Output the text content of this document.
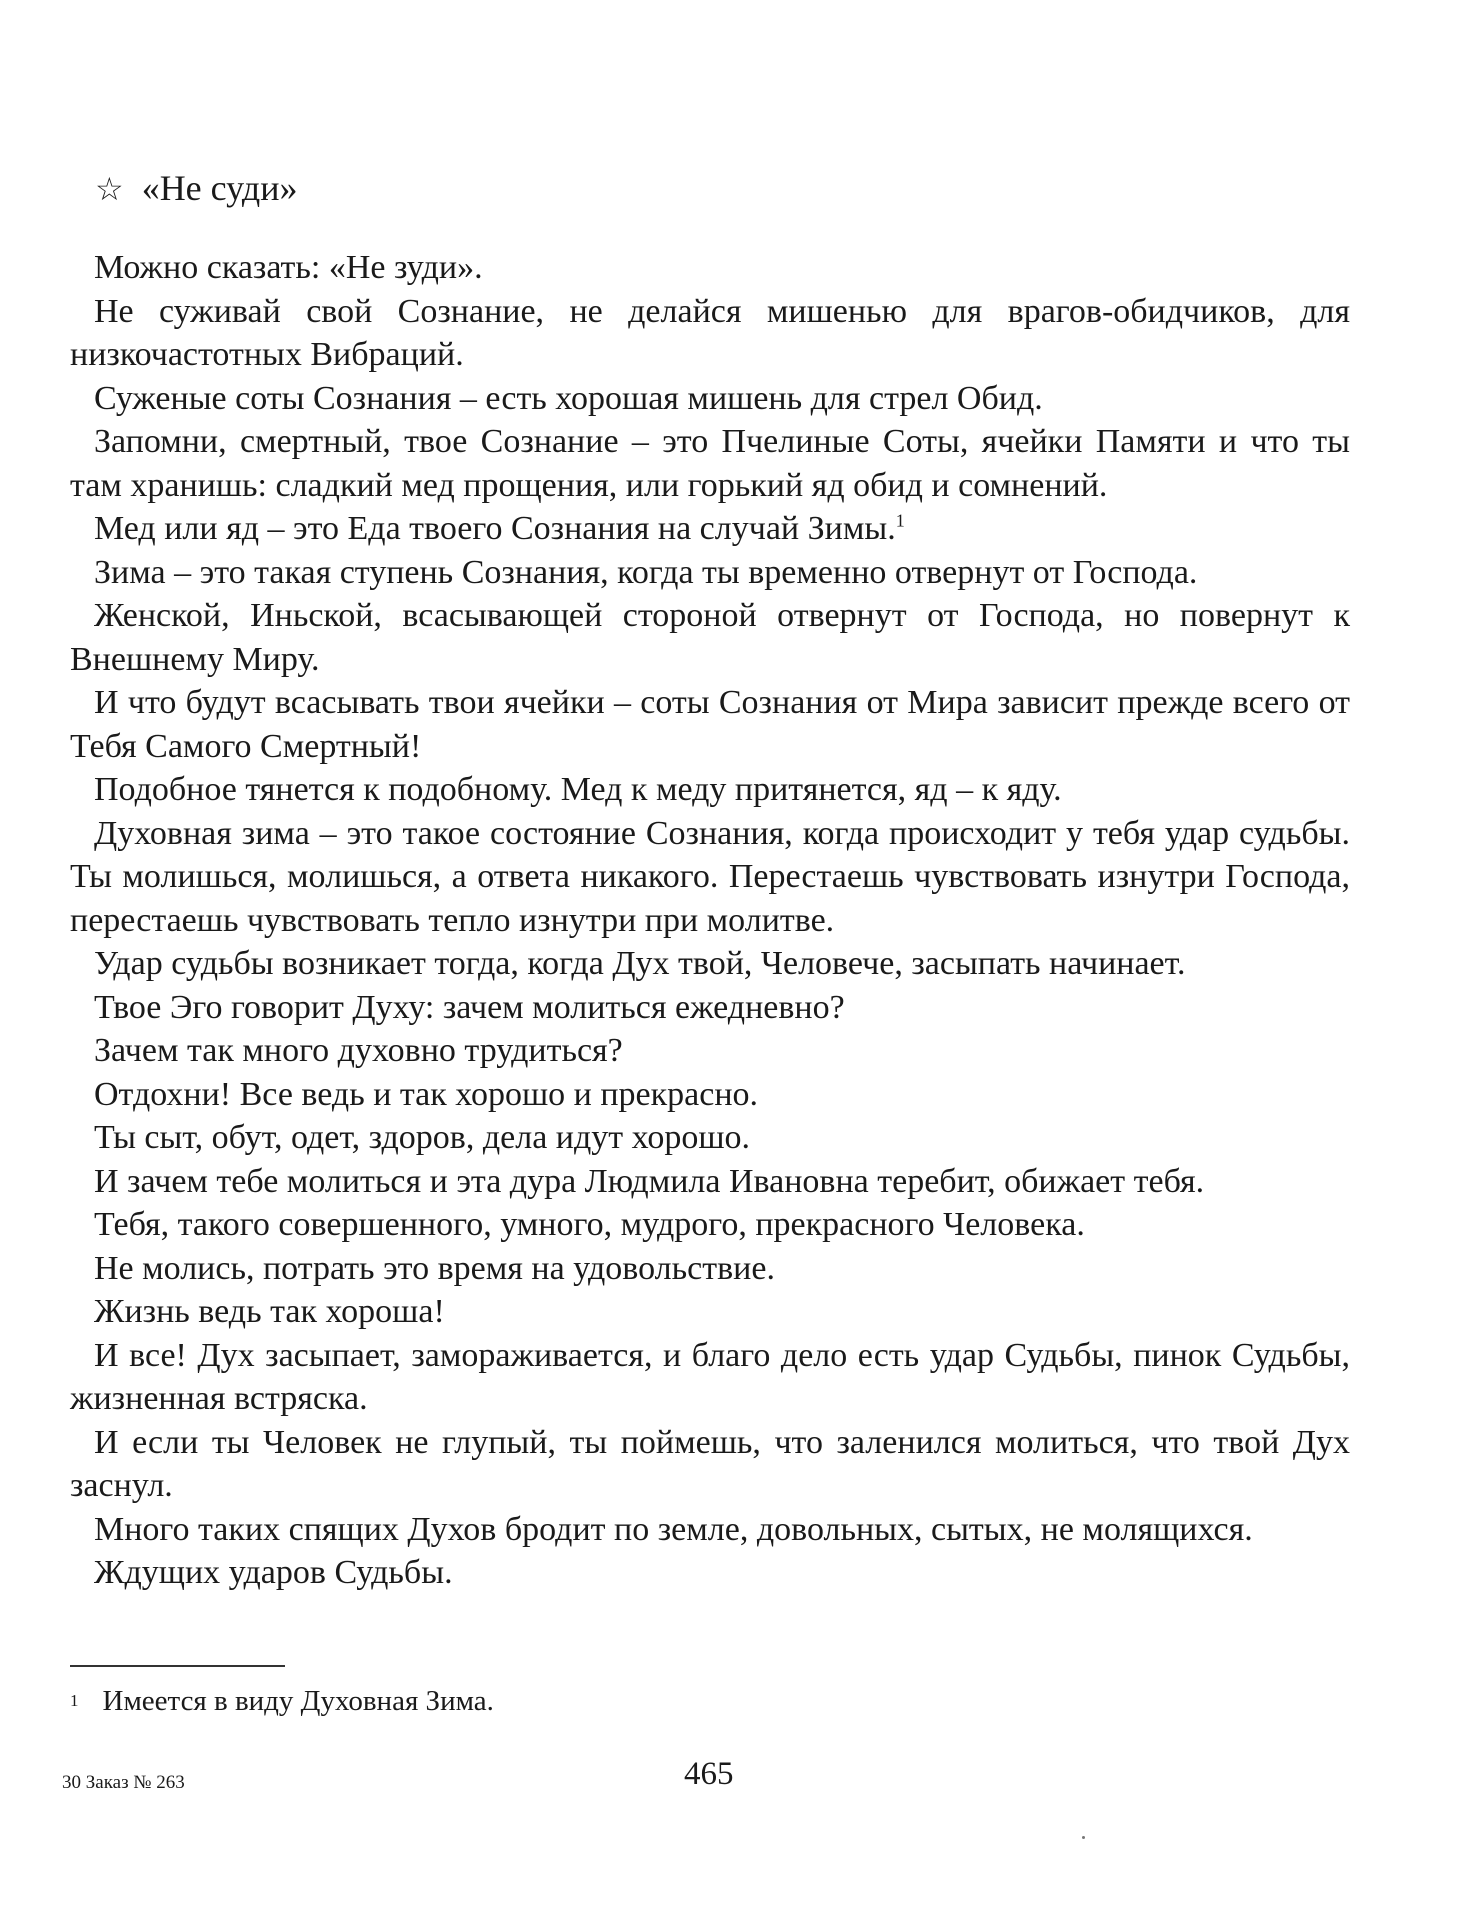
☆ «Не суди»

Можно сказать: «Не зуди».

Не суживай свой Сознание, не делайся мишенью для врагов-обидчиков, для низкочастотных Вибраций.

Суженые соты Сознания – есть хорошая мишень для стрел Обид.

Запомни, смертный, твое Сознание – это Пчелиные Соты, ячейки Памяти и что ты там хранишь: сладкий мед прощения, или горький яд обид и сомнений.

Мед или яд – это Еда твоего Сознания на случай Зимы.$^1$

Зима – это такая ступень Сознания, когда ты временно отвернут от Господа.

Женской, Иньской, всасывающей стороной отвернут от Господа, но повернут к Внешнему Миру.

И что будут всасывать твои ячейки – соты Сознания от Мира зависит прежде всего от Тебя Самого Смертный!

Подобное тянется к подобному. Мед к меду притянется, яд – к яду.

Духовная зима – это такое состояние Сознания, когда происходит у тебя удар судьбы. Ты молишься, молишься, а ответа никакого. Перестаешь чувствовать изнутри Господа, перестаешь чувствовать тепло изнутри при молитве.

Удар судьбы возникает тогда, когда Дух твой, Человече, засыпать начинает.

Твое Эго говорит Духу: зачем молиться ежедневно?

Зачем так много духовно трудиться?

Отдохни! Все ведь и так хорошо и прекрасно.

Ты сыт, обут, одет, здоров, дела идут хорошо.

И зачем тебе молиться и эта дура Людмила Ивановна теребит, обижает тебя.

Тебя, такого совершенного, умного, мудрого, прекрасного Человека.

Не молись, потрать это время на удовольствие.

Жизнь ведь так хороша!

И все! Дух засыпает, замораживается, и благо дело есть удар Судьбы, пинок Судьбы, жизненная встряска.

И если ты Человек не глупый, ты поймешь, что заленился молиться, что твой Дух заснул.

Много таких спящих Духов бродит по земле, довольных, сытых, не молящихся.

Ждущих ударов Судьбы.

1 Имеется в виду Духовная Зима.
30 Заказ № 263	465
